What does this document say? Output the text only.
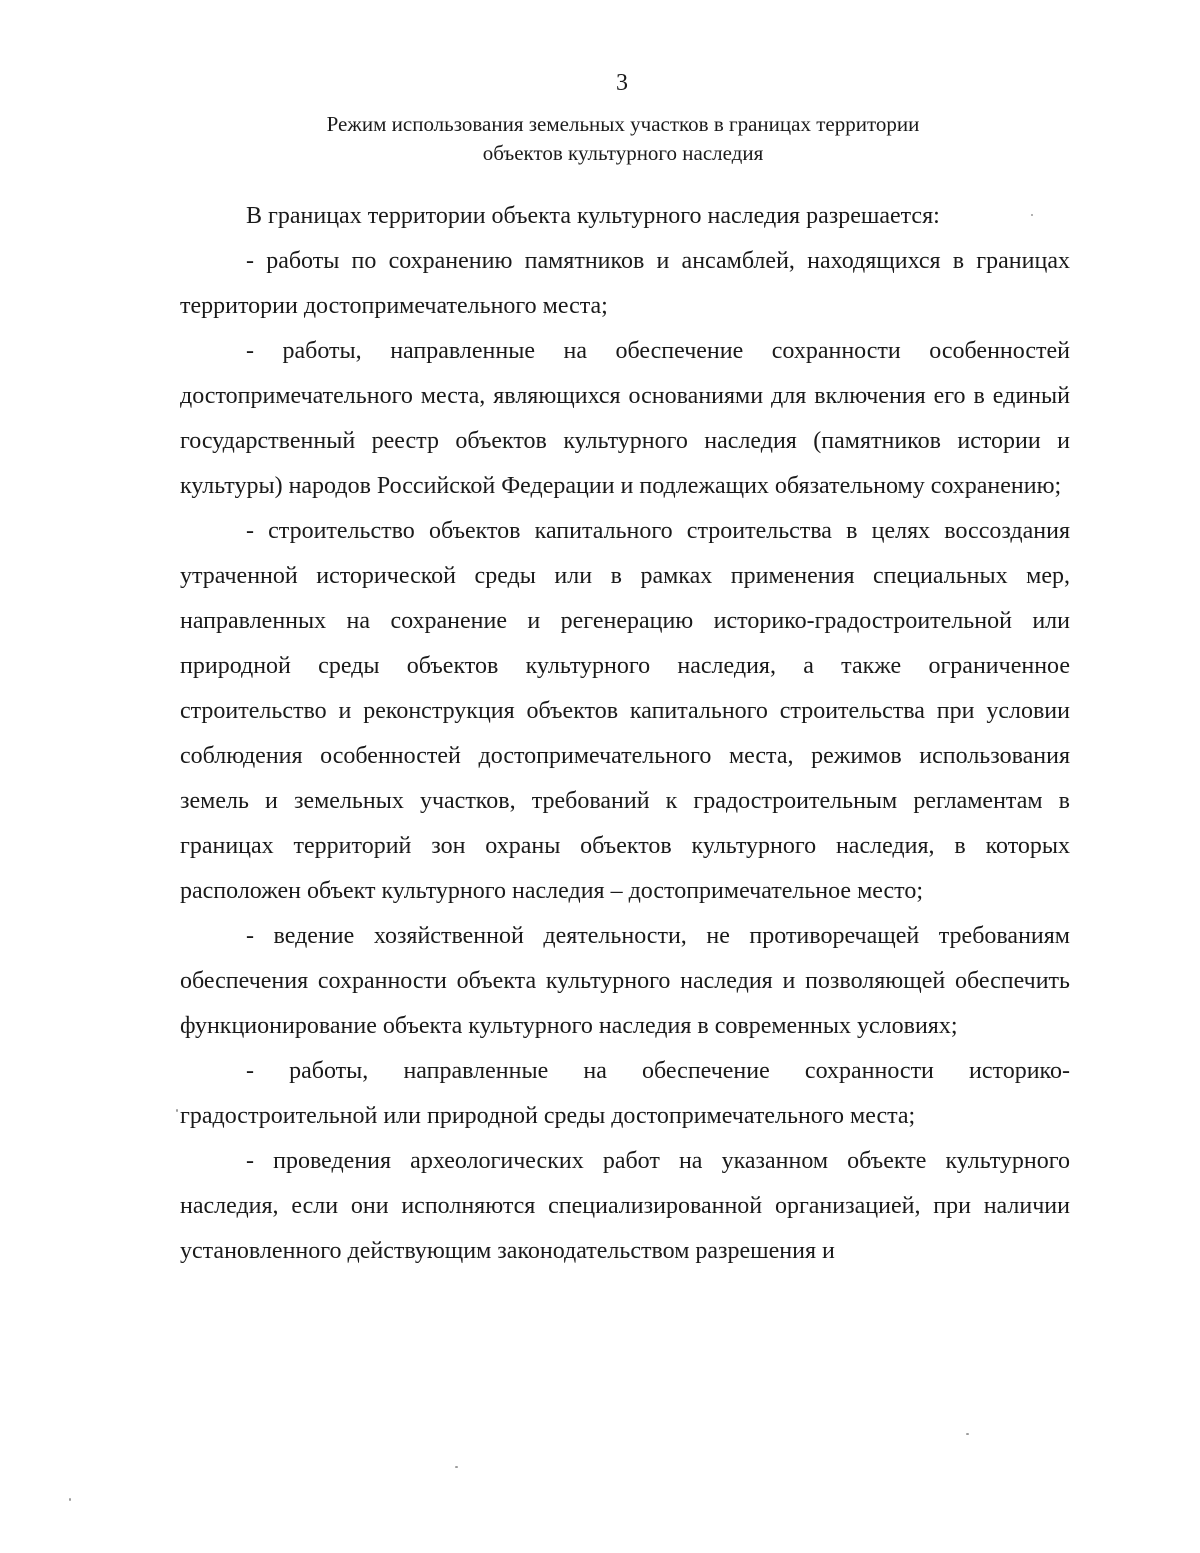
3
Режим использования земельных участков в границах территории
объектов культурного наследия

В границах территории объекта культурного наследия разрешается:

- работы по сохранению памятников и ансамблей, находящихся в границах территории достопримечательного места;

- работы, направленные на обеспечение сохранности особенностей достопримечательного места, являющихся основаниями для включения его в единый государственный реестр объектов культурного наследия (памятников истории и культуры) народов Российской Федерации и подлежащих обязательному сохранению;

- строительство объектов капитального строительства в целях воссоздания утраченной исторической среды или в рамках применения специальных мер, направленных на сохранение и регенерацию историко-градостроительной или природной среды объектов культурного наследия, а также ограниченное строительство и реконструкция объектов капитального строительства при условии соблюдения особенностей достопримечательного места, режимов использования земель и земельных участков, требований к градостроительным регламентам в границах территорий зон охраны объектов культурного наследия, в которых расположен объект культурного наследия – достопримечательное место;

- ведение хозяйственной деятельности, не противоречащей требованиям обеспечения сохранности объекта культурного наследия и позволяющей обеспечить функционирование объекта культурного наследия в современных условиях;

- работы, направленные на обеспечение сохранности историко-градостроительной или природной среды достопримечательного места;

- проведения археологических работ на указанном объекте культурного наследия, если они исполняются специализированной организацией, при наличии установленного действующим законодательством разрешения и
